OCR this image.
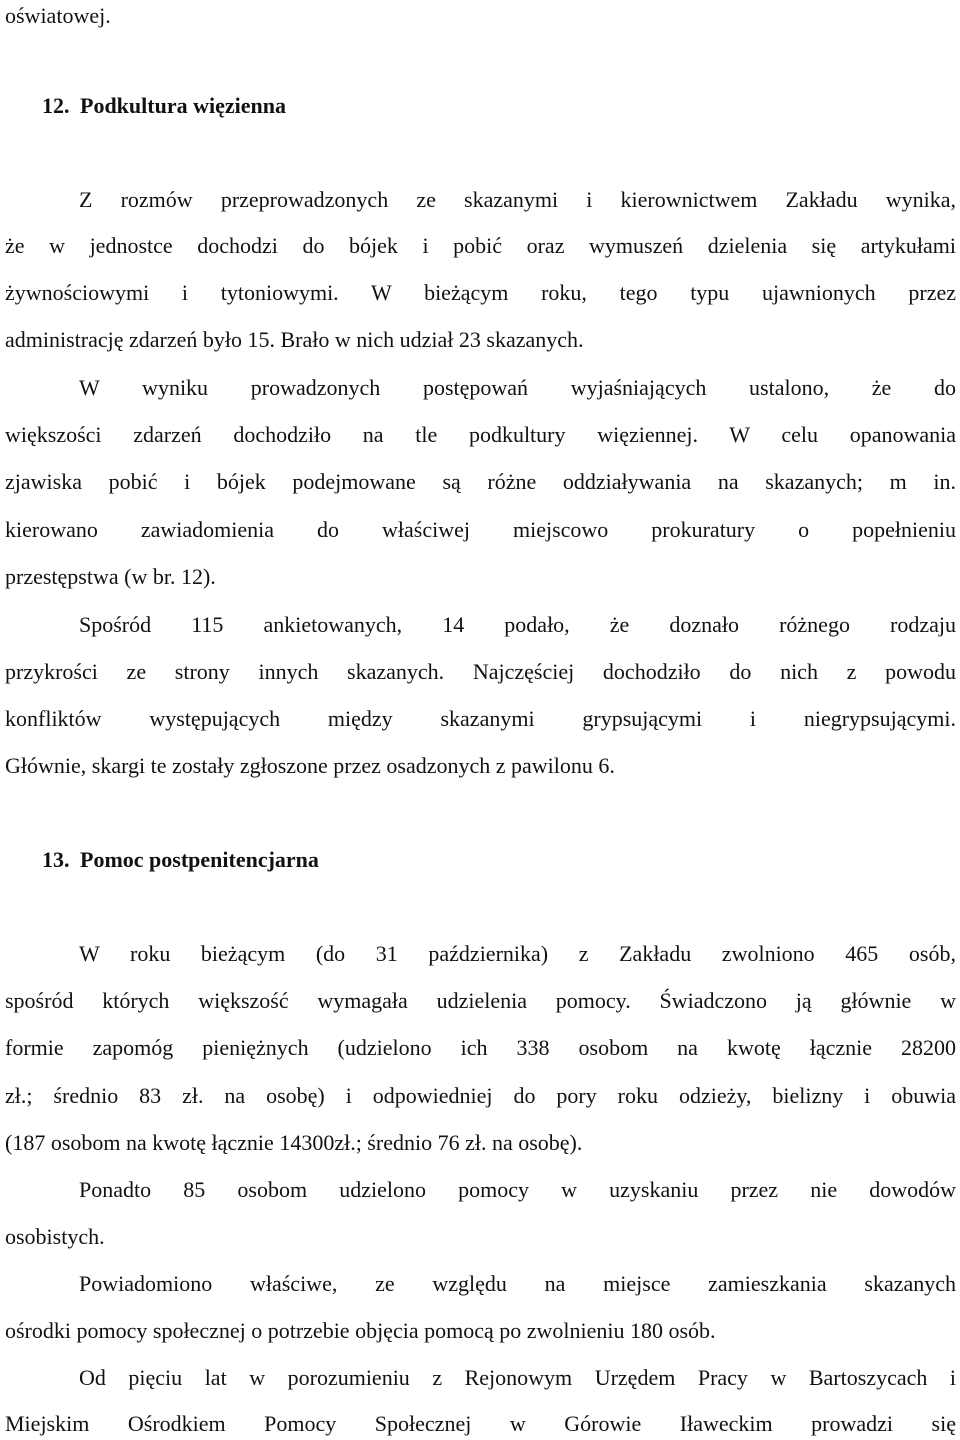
oświatowej.

12. Podkultura więzienna

Z rozmów przeprowadzonych ze skazanymi i kierownictwem Zakładu wynika,

że w jednostce dochodzi do bójek i pobić oraz wymuszeń dzielenia się artykułami

żywnościowymi i tytoniowymi. W bieżącym roku, tego typu ujawnionych przez

administrację zdarzeń było 15. Brało w nich udział 23 skazanych.

W wyniku prowadzonych postępowań wyjaśniających ustalono, że do

większości zdarzeń dochodziło na tle podkultury więziennej. W celu opanowania

zjawiska pobić i bójek podejmowane są różne oddziaływania na skazanych; m in.

kierowano zawiadomienia do właściwej miejscowo prokuratury o popełnieniu

przestępstwa (w br. 12).

Spośród 115 ankietowanych, 14 podało, że doznało różnego rodzaju

przykrości ze strony innych skazanych. Najczęściej dochodziło do nich z powodu

konfliktów występujących między skazanymi grypsującymi i niegrypsującymi.

Głównie, skargi te zostały zgłoszone przez osadzonych z pawilonu 6.

13. Pomoc postpenitencjarna

W roku bieżącym (do 31 października) z Zakładu zwolniono 465 osób,

spośród których większość wymagała udzielenia pomocy. Świadczono ją głównie w

formie zapomóg pieniężnych (udzielono ich 338 osobom na kwotę łącznie 28200

zł.; średnio 83 zł. na osobę) i odpowiedniej do pory roku odzieży, bielizny i obuwia

(187 osobom na kwotę łącznie 14300zł.; średnio 76 zł. na osobę).

Ponadto 85 osobom udzielono pomocy w uzyskaniu przez nie dowodów

osobistych.

Powiadomiono właściwe, ze względu na miejsce zamieszkania skazanych

ośrodki pomocy społecznej o potrzebie objęcia pomocą po zwolnieniu 180 osób.

Od pięciu lat w porozumieniu z Rejonowym Urzędem Pracy w Bartoszycach i

Miejskim Ośrodkiem Pomocy Społecznej w Górowie Iławeckim prowadzi się
